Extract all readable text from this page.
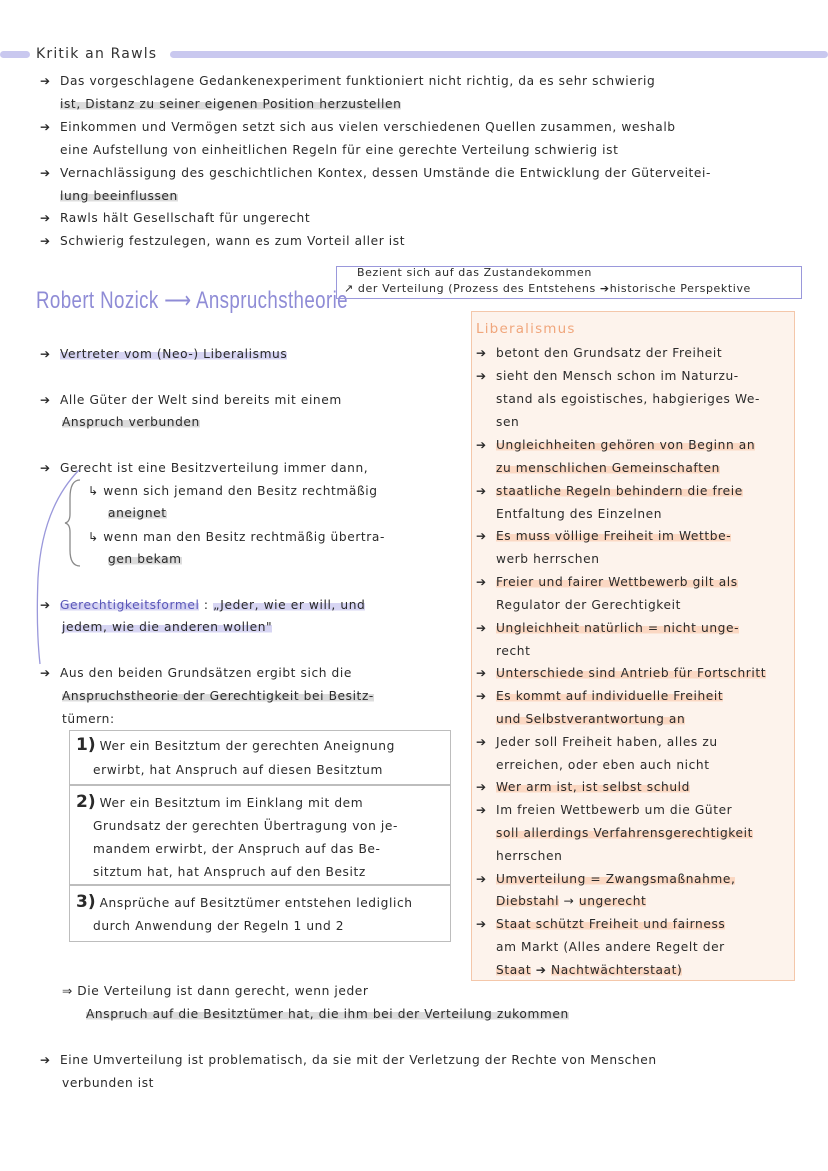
Kritik an Rawls
➔ Das vorgeschlagene Gedankenexperiment funktioniert nicht richtig, da es sehr schwierig
ist, Distanz zu seiner eigenen Position herzustellen
➔ Einkommen und Vermögen setzt sich aus vielen verschiedenen Quellen zusammen, weshalb
eine Aufstellung von einheitlichen Regeln für eine gerechte Verteilung schwierig ist
➔ Vernachlässigung des geschichtlichen Kontex, dessen Umstände die Entwicklung der Güterveitei-
lung beeinflussen
➔ Rawls hält Gesellschaft für ungerecht
➔ Schwierig festzulegen, wann es zum Vorteil aller ist
Robert Nozick ⟶ Anspruchstheorie
Bezient sich auf das Zustandekommen
↗ der Verteilung (Prozess des Entstehens ➔historische Perspektive
➔ Vertreter vom (Neo-) Liberalismus
➔ Alle Güter der Welt sind bereits mit einem
Anspruch verbunden
➔ Gerecht ist eine Besitzverteilung immer dann,
↳ wenn sich jemand den Besitz rechtmäßig
aneignet
↳ wenn man den Besitz rechtmäßig übertra-
gen bekam
➔ Gerechtigkeitsformel : „Jeder, wie er will, und
jedem, wie die anderen wollen"
➔ Aus den beiden Grundsätzen ergibt sich die
Anspruchstheorie der Gerechtigkeit bei Besitz-
tümern:
1) Wer ein Besitztum der gerechten Aneignung
erwirbt, hat Anspruch auf diesen Besitztum
2) Wer ein Besitztum im Einklang mit dem
Grundsatz der gerechten Übertragung von je-
mandem erwirbt, der Anspruch auf das Be-
sitztum hat, hat Anspruch auf den Besitz
3) Ansprüche auf Besitztümer entstehen lediglich
durch Anwendung der Regeln 1 und 2
Liberalismus
➔ betont den Grundsatz der Freiheit
➔ sieht den Mensch schon im Naturzu-
stand als egoistisches, habgieriges We-
sen
➔ Ungleichheiten gehören von Beginn an
zu menschlichen Gemeinschaften
➔ staatliche Regeln behindern die freie
Entfaltung des Einzelnen
➔ Es muss völlige Freiheit im Wettbe-
werb herrschen
➔ Freier und fairer Wettbewerb gilt als
Regulator der Gerechtigkeit
➔ Ungleichheit natürlich = nicht unge-
recht
➔ Unterschiede sind Antrieb für Fortschritt
➔ Es kommt auf individuelle Freiheit
und Selbstverantwortung an
➔ Jeder soll Freiheit haben, alles zu
erreichen, oder eben auch nicht
➔ Wer arm ist, ist selbst schuld
➔ Im freien Wettbewerb um die Güter
soll allerdings Verfahrensgerechtigkeit
herrschen
➔ Umverteilung = Zwangsmaßnahme,
Diebstahl → ungerecht
➔ Staat schützt Freiheit und fairness
am Markt (Alles andere Regelt der
Staat ➔ Nachtwächterstaat)
⇒ Die Verteilung ist dann gerecht, wenn jeder
Anspruch auf die Besitztümer hat, die ihm bei der Verteilung zukommen
➔ Eine Umverteilung ist problematisch, da sie mit der Verletzung der Rechte von Menschen
verbunden ist
